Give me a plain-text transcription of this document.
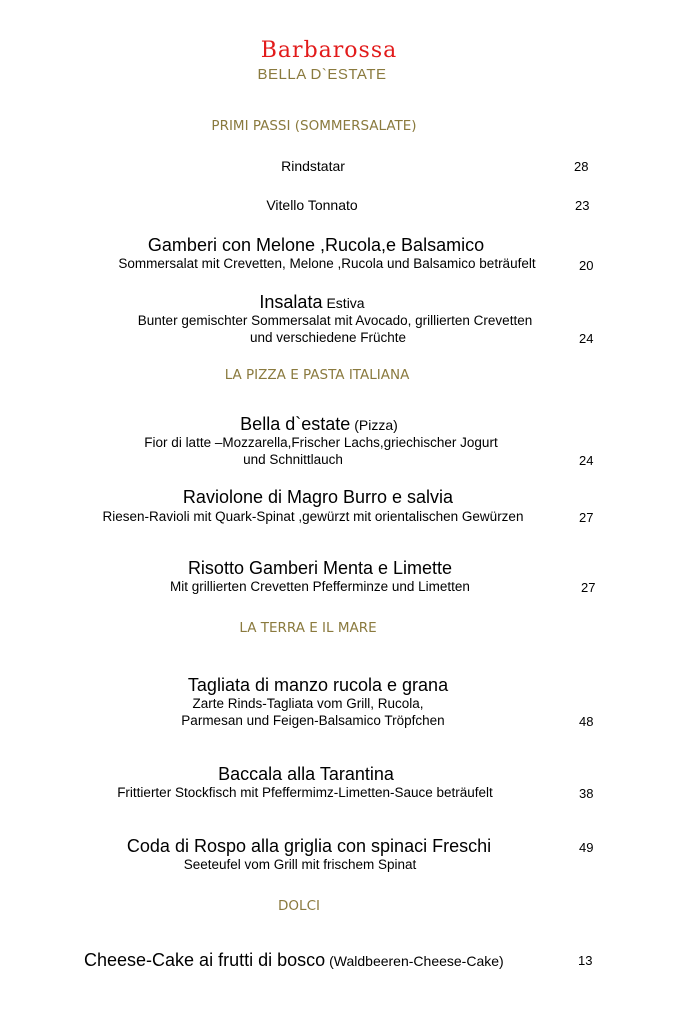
Barbarossa
BELLA D`ESTATE
PRIMI PASSI (SOMMERSALATE)
Rindstatar	28
Vitello Tonnato	23
Gamberi con Melone ,Rucola,e Balsamico
Sommersalat mit Crevetten, Melone ,Rucola und Balsamico beträufelt	20
Insalata Estiva
Bunter gemischter Sommersalat mit Avocado, grillierten Crevetten
und verschiedene Früchte	24
LA PIZZA E PASTA ITALIANA
Bella d`estate (Pizza)
Fior di latte –Mozzarella,Frischer Lachs,griechischer Jogurt
und Schnittlauch	24
Raviolone di Magro Burro e salvia
Riesen-Ravioli mit Quark-Spinat ,gewürzt mit orientalischen Gewürzen	27
Risotto Gamberi Menta e Limette
Mit grillierten Crevetten Pfefferminze und Limetten	27
LA TERRA E IL MARE
Tagliata di manzo rucola e grana
Zarte Rinds-Tagliata vom Grill, Rucola,
Parmesan und Feigen-Balsamico Tröpfchen	48
Baccala alla Tarantina
Frittierter Stockfisch mit Pfeffermimz-Limetten-Sauce beträufelt	38
Coda di Rospo alla griglia con spinaci Freschi	49
Seeteufel vom Grill mit frischem Spinat
DOLCI
Cheese-Cake ai frutti di bosco (Waldbeeren-Cheese-Cake)	13
